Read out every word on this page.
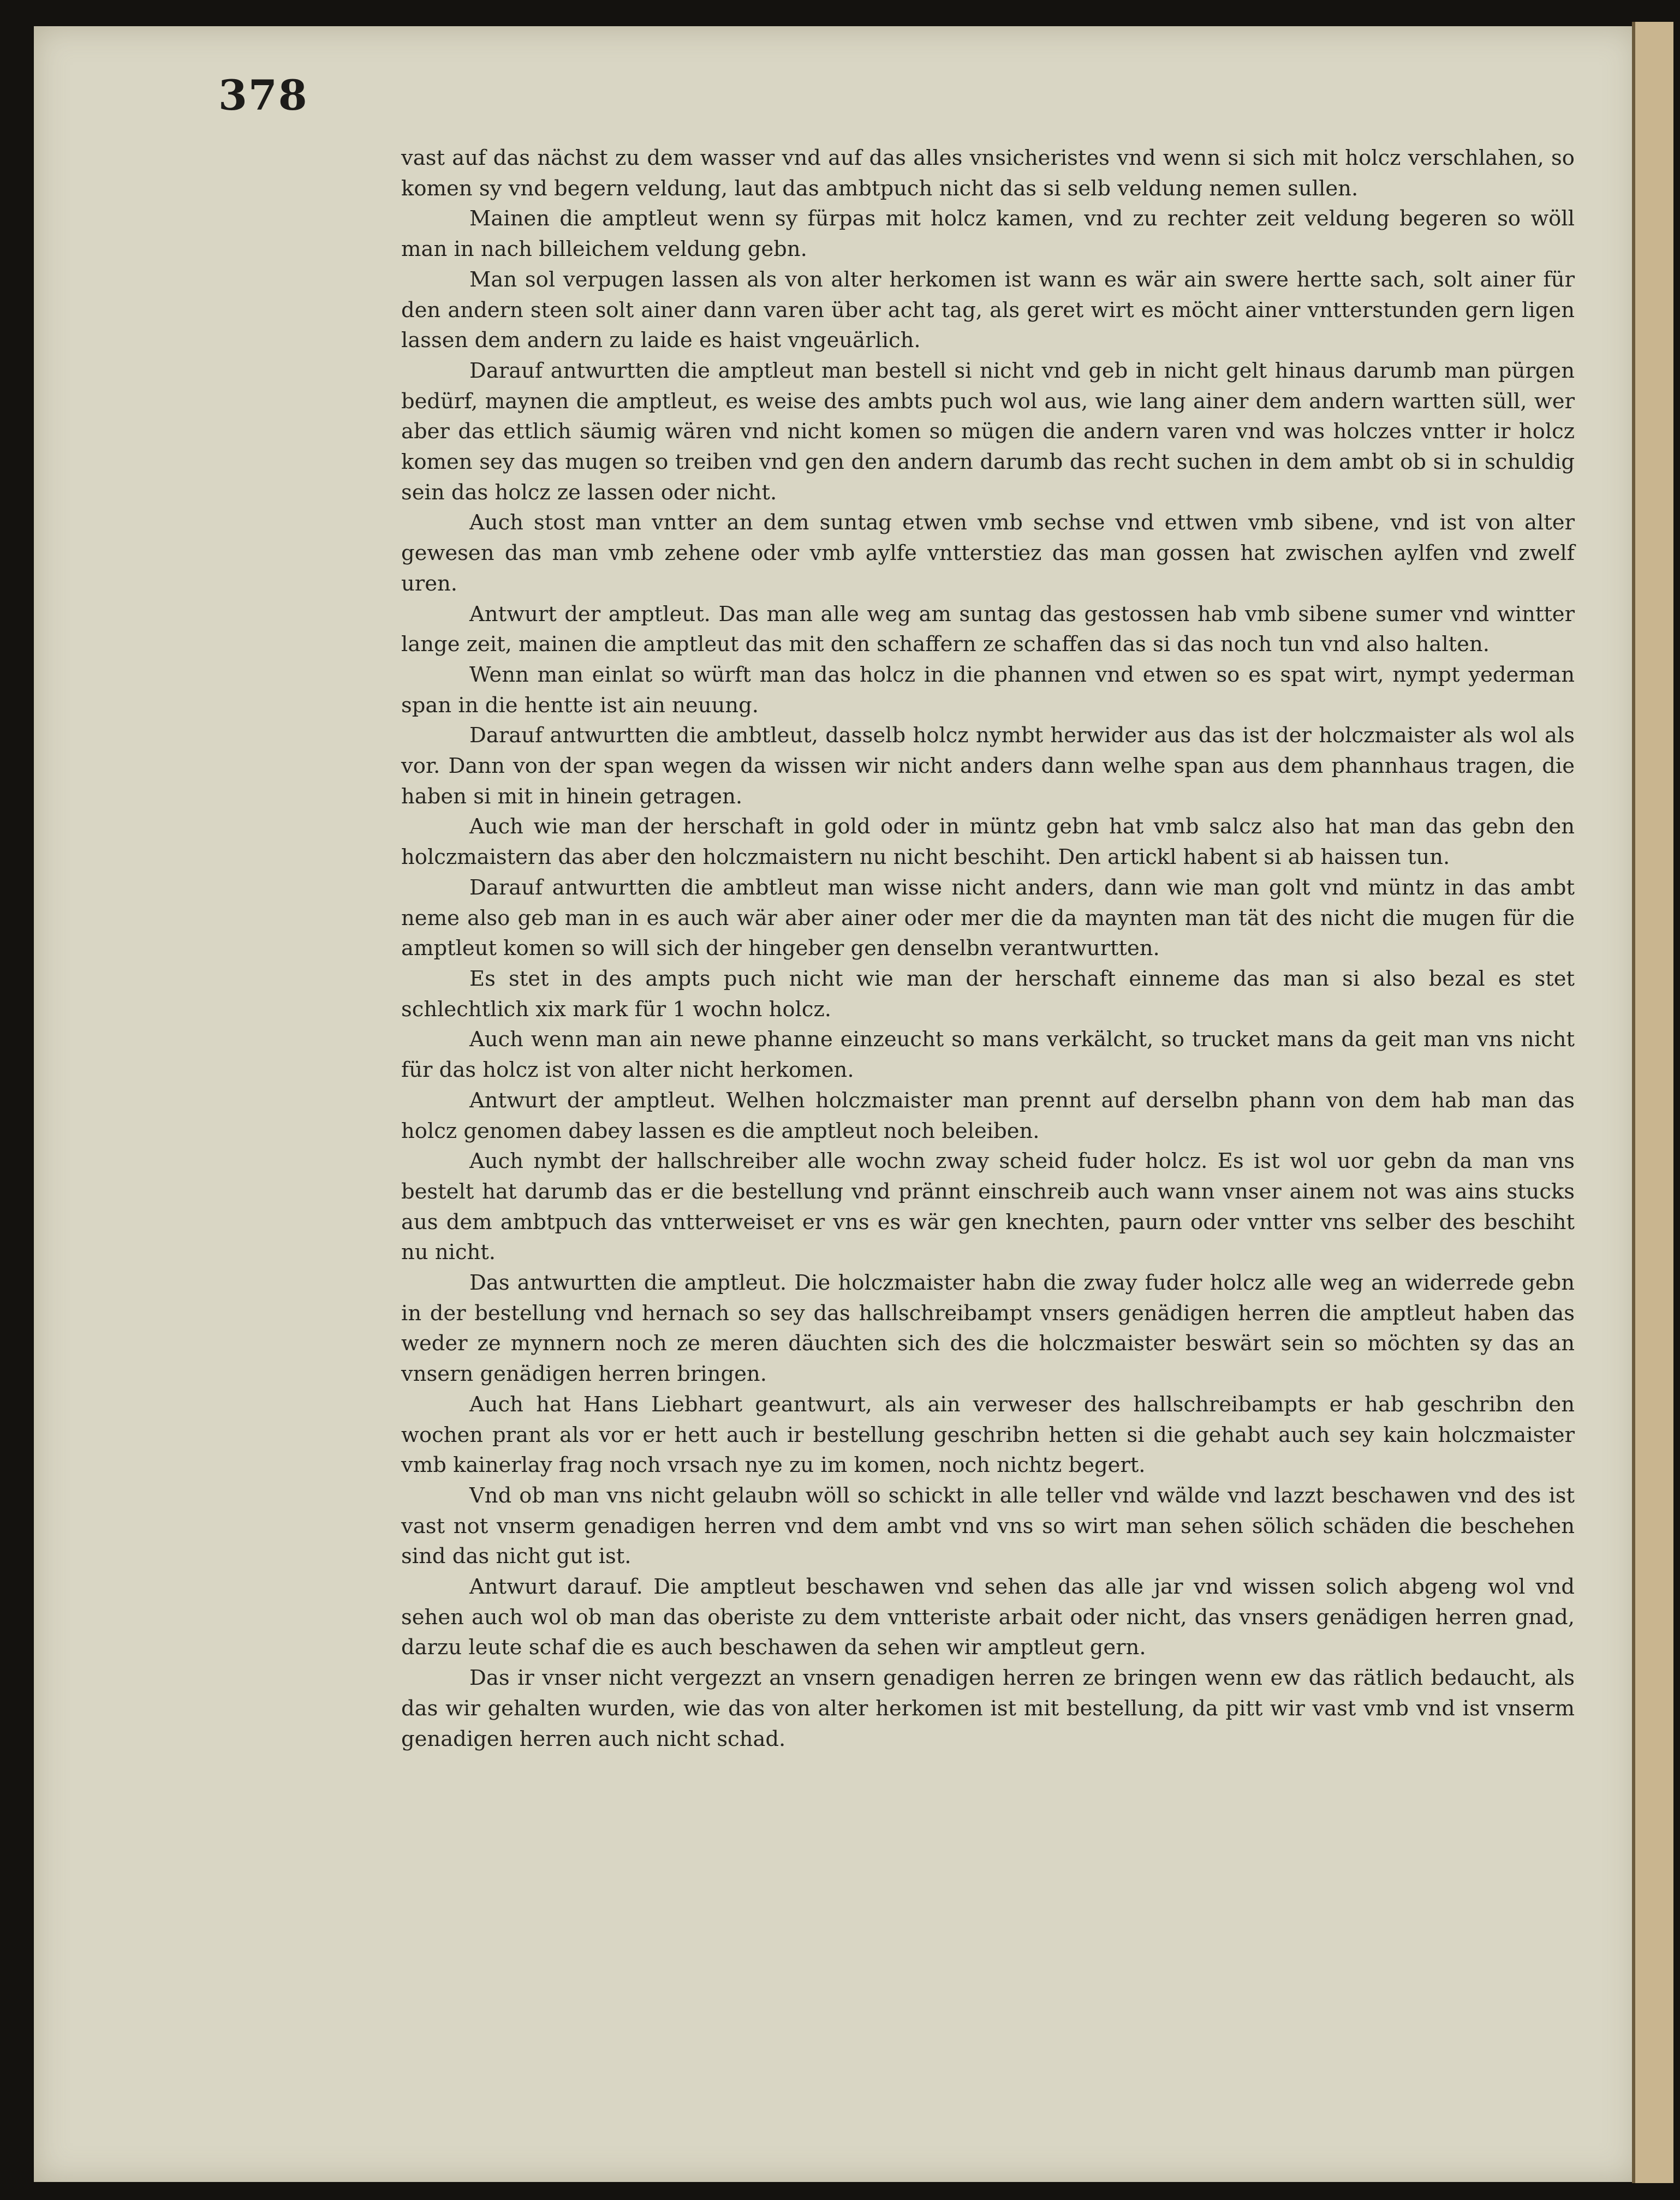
378

vast auf das nächst zu dem wasser vnd auf das alles vnsicheristes vnd wenn si sich mit holcz verschlahen, so komen sy vnd begern veldung, laut das ambtpuch nicht das si selb veldung nemen sullen.

Mainen die amptleut wenn sy fürpas mit holcz kamen, vnd zu rechter zeit veldung begeren so wöll man in nach billeichem veldung gebn.

Man sol verpugen lassen als von alter herkomen ist wann es wär ain swere hertte sach, solt ainer für den andern steen solt ainer dann varen über acht tag, als geret wirt es möcht ainer vntterstunden gern ligen lassen dem andern zu laide es haist vngeuärlich.

Darauf antwurtten die amptleut man bestell si nicht vnd geb in nicht gelt hinaus darumb man pürgen bedürf, maynen die amptleut, es weise des ambts puch wol aus, wie lang ainer dem andern wartten süll, wer aber das ettlich säumig wären vnd nicht komen so mügen die andern varen vnd was holczes vntter ir holcz komen sey das mugen so treiben vnd gen den andern darumb das recht suchen in dem ambt ob si in schuldig sein das holcz ze lassen oder nicht.

Auch stost man vntter an dem suntag etwen vmb sechse vnd ettwen vmb sibene, vnd ist von alter gewesen das man vmb zehene oder vmb aylfe vntterstiez das man gossen hat zwischen aylfen vnd zwelf uren.

Antwurt der amptleut. Das man alle weg am suntag das gestossen hab vmb sibene sumer vnd wintter lange zeit, mainen die amptleut das mit den schaffern ze schaffen das si das noch tun vnd also halten.

Wenn man einlat so würft man das holcz in die phannen vnd etwen so es spat wirt, nympt yederman span in die hentte ist ain neuung.

Darauf antwurtten die ambtleut, dasselb holcz nymbt herwider aus das ist der holczmaister als wol als vor. Dann von der span wegen da wissen wir nicht anders dann welhe span aus dem phannhaus tragen, die haben si mit in hinein getragen.

Auch wie man der herschaft in gold oder in müntz gebn hat vmb salcz also hat man das gebn den holczmaistern das aber den holczmaistern nu nicht beschiht. Den artickl habent si ab haissen tun.

Darauf antwurtten die ambtleut man wisse nicht anders, dann wie man golt vnd müntz in das ambt neme also geb man in es auch wär aber ainer oder mer die da maynten man tät des nicht die mugen für die amptleut komen so will sich der hingeber gen denselbn verantwurtten.

Es stet in des ampts puch nicht wie man der herschaft einneme das man si also bezal es stet schlechtlich xix mark für 1 wochn holcz.

Auch wenn man ain newe phanne einzeucht so mans verkälcht, so trucket mans da geit man vns nicht für das holcz ist von alter nicht herkomen.

Antwurt der amptleut. Welhen holczmaister man prennt auf derselbn phann von dem hab man das holcz genomen dabey lassen es die amptleut noch beleiben.

Auch nymbt der hallschreiber alle wochn zway scheid fuder holcz. Es ist wol uor gebn da man vns bestelt hat darumb das er die bestellung vnd prännt einschreib auch wann vnser ainem not was ains stucks aus dem ambtpuch das vntterweiset er vns es wär gen knechten, paurn oder vntter vns selber des beschiht nu nicht.

Das antwurtten die amptleut. Die holczmaister habn die zway fuder holcz alle weg an widerrede gebn in der bestellung vnd hernach so sey das hallschreibampt vnsers genädigen herren die amptleut haben das weder ze mynnern noch ze meren däuchten sich des die holczmaister beswärt sein so möchten sy das an vnsern genädigen herren bringen.

Auch hat Hans Liebhart geantwurt, als ain verweser des hallschreibampts er hab geschribn den wochen prant als vor er hett auch ir bestellung geschribn hetten si die gehabt auch sey kain holczmaister vmb kainerlay frag noch vrsach nye zu im komen, noch nichtz begert.

Vnd ob man vns nicht gelaubn wöll so schickt in alle teller vnd wälde vnd lazzt beschawen vnd des ist vast not vnserm genadigen herren vnd dem ambt vnd vns so wirt man sehen sölich schäden die beschehen sind das nicht gut ist.

Antwurt darauf. Die amptleut beschawen vnd sehen das alle jar vnd wissen solich abgeng wol vnd sehen auch wol ob man das oberiste zu dem vntteriste arbait oder nicht, das vnsers genädigen herren gnad, darzu leute schaf die es auch beschawen da sehen wir amptleut gern.

Das ir vnser nicht vergezzt an vnsern genadigen herren ze bringen wenn ew das rätlich bedaucht, als das wir gehalten wurden, wie das von alter herkomen ist mit bestellung, da pitt wir vast vmb vnd ist vnserm genadigen herren auch nicht schad.
